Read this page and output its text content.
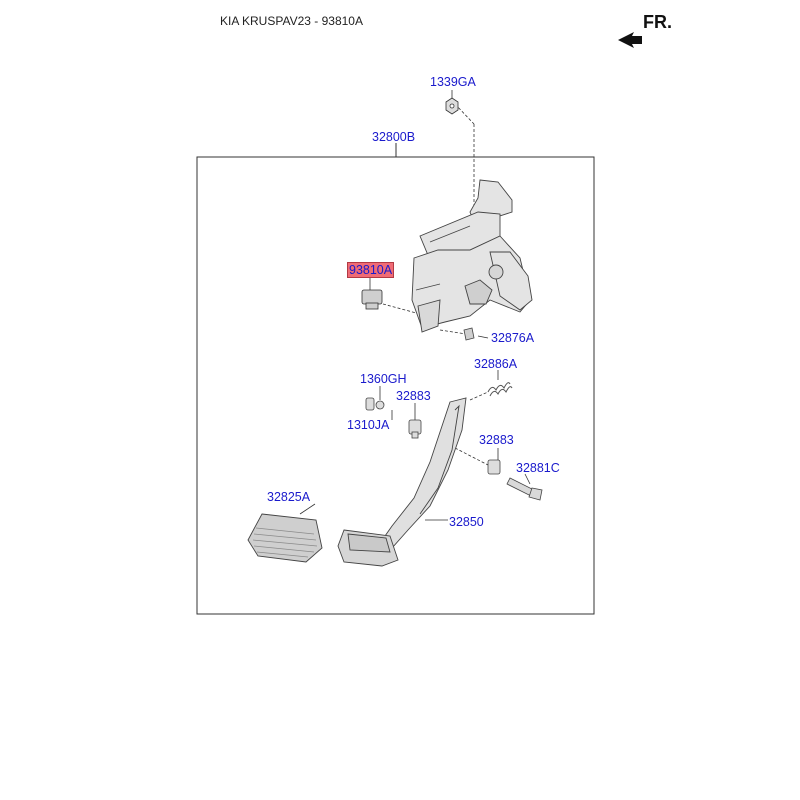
KIA KRUSPAV23 - 93810A	FR.
1339GA
32800B
93810A
32876A
32886A
1360GH
32883
1310JA
32883
32881C
32825A
32850
